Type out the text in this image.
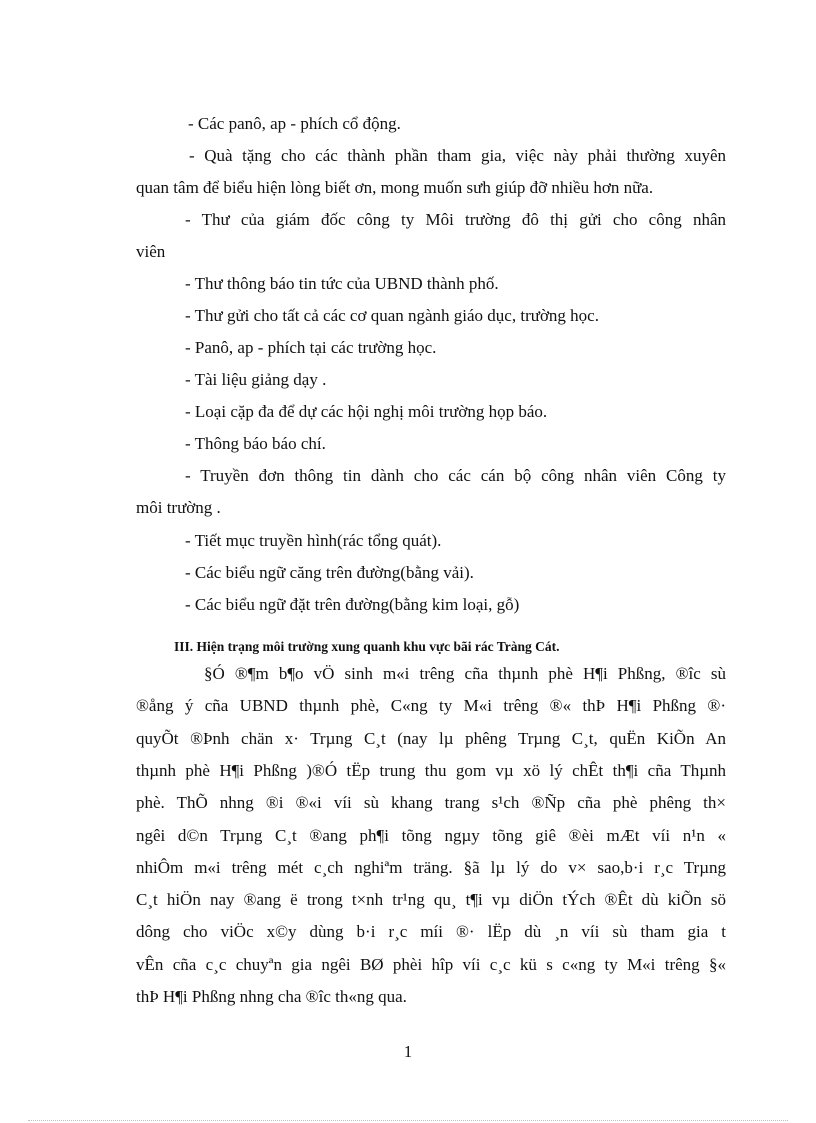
- Các panô, ap - phích cổ động.

- Quà tặng cho các thành phần tham gia, việc này phải thường xuyên

quan tâm để biểu hiện lòng biết ơn, mong muốn sưh giúp đỡ nhiều hơn nữa.

- Thư của giám đốc công ty Môi trường đô thị gửi cho công nhân

viên

- Thư thông báo tin tức của UBND thành phố.

- Thư gửi cho tất cả các cơ quan ngành giáo dục, trường học.

- Panô, ap - phích tại các trường học.

- Tài liệu giảng dạy .

- Loại cặp đa để dự các hội nghị môi trường họp báo.

- Thông báo báo chí.

- Truyền đơn thông tin dành cho các cán bộ công nhân viên Công ty

môi trường .

- Tiết mục truyền hình(rác tổng quát).

- Các biểu ngữ căng trên đường(bằng vải).

- Các biểu ngữ đặt trên đường(bằng kim loại, gỗ)

III. Hiện trạng môi trường xung quanh khu vực bãi rác Tràng Cát.

§Ó ®¶m b¶o vÖ sinh m«i trêng cña thµnh phè H¶i Phßng, ®îc sù

®ång ý cña UBND thµnh phè, C«ng ty M«i trêng ®« thÞ H¶i Phßng ®·

quyÕt ®Þnh chän x· Trµng C¸t (nay lµ phêng Trµng C¸t, quËn KiÕn An

thµnh phè H¶i Phßng )®Ó tËp trung thu gom vµ xö lý chÊt th¶i cña Thµnh

phè. ThÕ nhng ®i ®«i víi sù khang trang s¹ch ®Ñp cña phè phêng th×

ngêi d©n Trµng C¸t ®ang ph¶i tõng ngµy tõng giê ®èi mÆt víi n¹n «

nhiÔm m«i trêng mét c¸ch nghiªm träng. §ã lµ lý do v× sao,b·i r¸c Trµng

C¸t hiÖn nay ®ang ë trong t×nh tr¹ng qu¸ t¶i vµ diÖn tÝch ®Êt dù kiÕn sö

dông cho viÖc x©y dùng b·i r¸c míi ®· lËp dù ¸n víi sù tham gia t

vÊn cña c¸c chuyªn gia ngêi BØ phèi hîp víi c¸c kü s c«ng ty M«i trêng §«

thÞ H¶i Phßng nhng cha ®îc th«ng qua.

1
